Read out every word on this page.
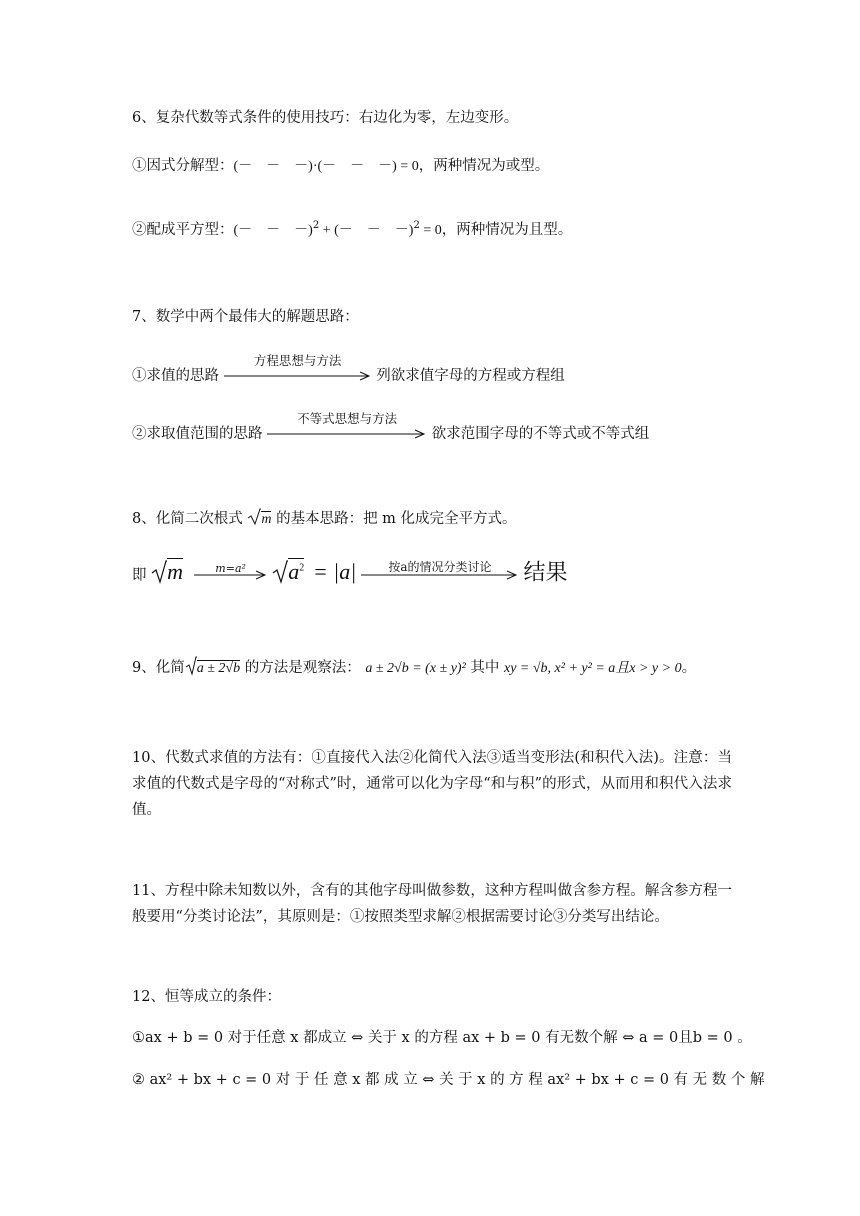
6、复杂代数等式条件的使用技巧：右边化为零，左边变形。
①因式分解型：(－　－　－)·(－　－　－) = 0，两种情况为或型。
②配成平方型：(－　－　－)$^2$ + (－　－　－)$^2$ = 0，两种情况为且型。
7、数学中两个最伟大的解题思路：
①求值的思路
方程思想与方法
列欲求值字母的方程或方程组
②求取值范围的思路
不等式思想与方法
欲求范围字母的不等式或不等式组
8、化简二次根式 m 的基本思路：把 m 化成完全平方式。
即 m	m=a²	$a^2 = |a|$	按a的情况分类讨论	结果
9、化简 a ± 2√b 的方法是观察法： a ± 2√b = (x ± y)² 其中 xy = √b, x² + y² = a且x > y > 0。
10、代数式求值的方法有：①直接代入法②化简代入法③适当变形法(和积代入法)。注意：当求值的代数式是字母的“对称式”时，通常可以化为字母“和与积”的形式，从而用和积代入法求值。
11、方程中除未知数以外，含有的其他字母叫做参数，这种方程叫做含参方程。解含参方程一般要用“分类讨论法”，其原则是：①按照类型求解②根据需要讨论③分类写出结论。
12、恒等成立的条件：
①ax + b = 0 对于任意 x 都成立 ⇔ 关于 x 的方程 ax + b = 0 有无数个解 ⇔ a = 0且b = 0 。
② ax² + bx + c = 0 对 于 任 意 x 都 成 立 ⇔ 关 于 x 的 方 程 ax² + bx + c = 0 有 无 数 个 解
